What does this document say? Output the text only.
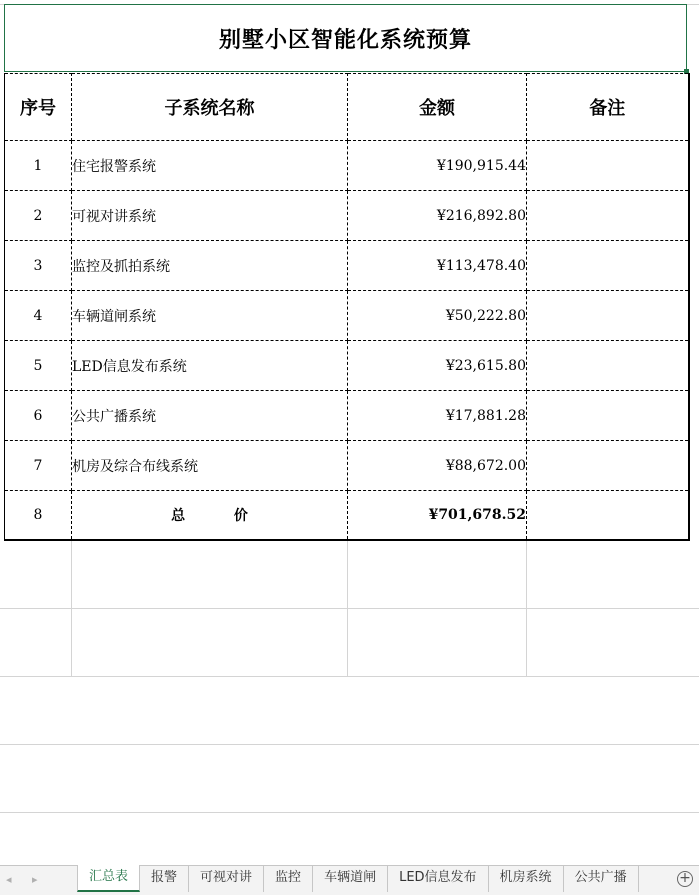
别墅小区智能化系统预算
序号	子系统名称	金额	备注
1	住宅报警系统	¥190,915.44	
2	可视对讲系统	¥216,892.80	
3	监控及抓拍系统	¥113,478.40	
4	车辆道闸系统	¥50,222.80	
5	LED信息发布系统	¥23,615.80	
6	公共广播系统	¥17,881.28	
7	机房及综合布线系统	¥88,672.00	
8	总          价	¥701,678.52	
◂ ▸	汇总表	报警	可视对讲	监控	车辆道闸	LED信息发布	机房系统	公共广播	+
